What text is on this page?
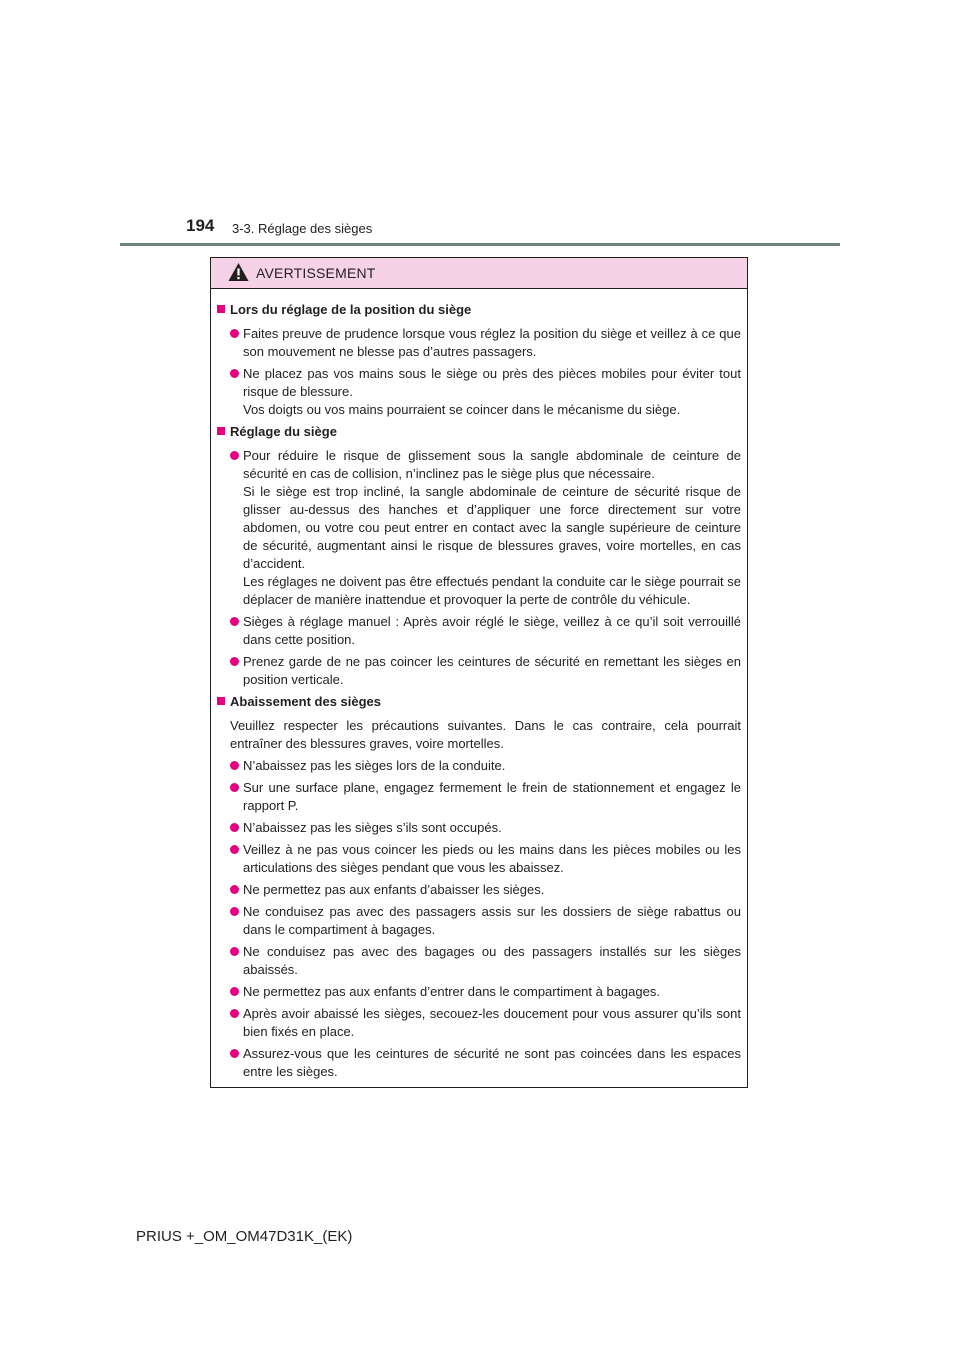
194 3-3. Réglage des sièges
AVERTISSEMENT
Lors du réglage de la position du siège

Faites preuve de prudence lorsque vous réglez la position du siège et veillez à ce que son mouvement ne blesse pas d’autres passagers.

Ne placez pas vos mains sous le siège ou près des pièces mobiles pour éviter tout risque de blessure.

Vos doigts ou vos mains pourraient se coincer dans le mécanisme du siège.

Réglage du siège

Pour réduire le risque de glissement sous la sangle abdominale de ceinture de sécurité en cas de collision, n’inclinez pas le siège plus que nécessaire.

Si le siège est trop incliné, la sangle abdominale de ceinture de sécurité risque de glisser au-dessus des hanches et d’appliquer une force directement sur votre abdomen, ou votre cou peut entrer en contact avec la sangle supérieure de ceinture de sécurité, augmentant ainsi le risque de blessures graves, voire mortelles, en cas d’accident.

Les réglages ne doivent pas être effectués pendant la conduite car le siège pourrait se déplacer de manière inattendue et provoquer la perte de contrôle du véhicule.

Sièges à réglage manuel : Après avoir réglé le siège, veillez à ce qu’il soit verrouillé dans cette position.

Prenez garde de ne pas coincer les ceintures de sécurité en remettant les sièges en position verticale.

Abaissement des sièges

Veuillez respecter les précautions suivantes. Dans le cas contraire, cela pourrait entraîner des blessures graves, voire mortelles.

N’abaissez pas les sièges lors de la conduite.

Sur une surface plane, engagez fermement le frein de stationnement et engagez le rapport P.

N’abaissez pas les sièges s’ils sont occupés.

Veillez à ne pas vous coincer les pieds ou les mains dans les pièces mobiles ou les articulations des sièges pendant que vous les abaissez.

Ne permettez pas aux enfants d’abaisser les sièges.

Ne conduisez pas avec des passagers assis sur les dossiers de siège rabattus ou dans le compartiment à bagages.

Ne conduisez pas avec des bagages ou des passagers installés sur les sièges abaissés.

Ne permettez pas aux enfants d’entrer dans le compartiment à bagages.

Après avoir abaissé les sièges, secouez-les doucement pour vous assurer qu’ils sont bien fixés en place.

Assurez-vous que les ceintures de sécurité ne sont pas coincées dans les espaces entre les sièges.

PRIUS +_OM_OM47D31K_(EK)
